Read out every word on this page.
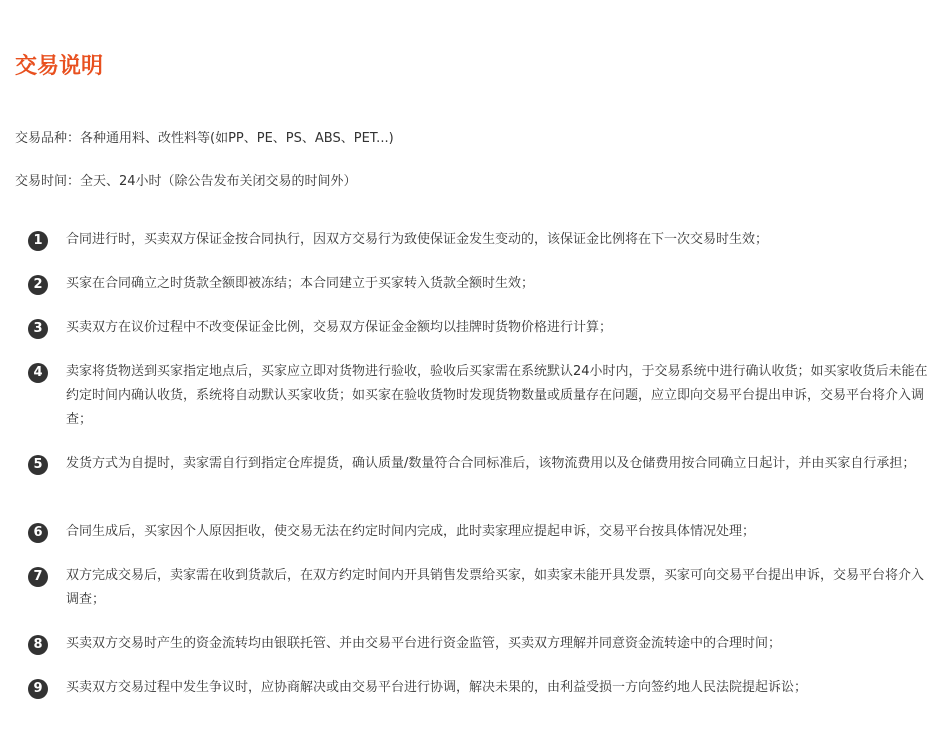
交易说明
交易品种：各种通用料、改性料等(如PP、PE、PS、ABS、PET...)
交易时间：全天、24小时（除公告发布关闭交易的时间外）
1	合同进行时，买卖双方保证金按合同执行，因双方交易行为致使保证金发生变动的，该保证金比例将在下一次交易时生效；
2	买家在合同确立之时货款全额即被冻结；本合同建立于买家转入货款全额时生效；
3	买卖双方在议价过程中不改变保证金比例，交易双方保证金金额均以挂牌时货物价格进行计算；
4	卖家将货物送到买家指定地点后，买家应立即对货物进行验收，验收后买家需在系统默认24小时内，于交易系统中进行确认收货；如买家收货后未能在约定时间内确认收货，系统将自动默认买家收货；如买家在验收货物时发现货物数量或质量存在问题，应立即向交易平台提出申诉，交易平台将介入调查；
5	发货方式为自提时，卖家需自行到指定仓库提货，确认质量/数量符合合同标准后，该物流费用以及仓储费用按合同确立日起计，并由买家自行承担；
6	合同生成后，买家因个人原因拒收，使交易无法在约定时间内完成，此时卖家理应提起申诉，交易平台按具体情况处理；
7	双方完成交易后，卖家需在收到货款后，在双方约定时间内开具销售发票给买家，如卖家未能开具发票，买家可向交易平台提出申诉，交易平台将介入调查；
8	买卖双方交易时产生的资金流转均由银联托管、并由交易平台进行资金监管，买卖双方理解并同意资金流转途中的合理时间；
9	买卖双方交易过程中发生争议时，应协商解决或由交易平台进行协调，解决未果的，由利益受损一方向签约地人民法院提起诉讼；
